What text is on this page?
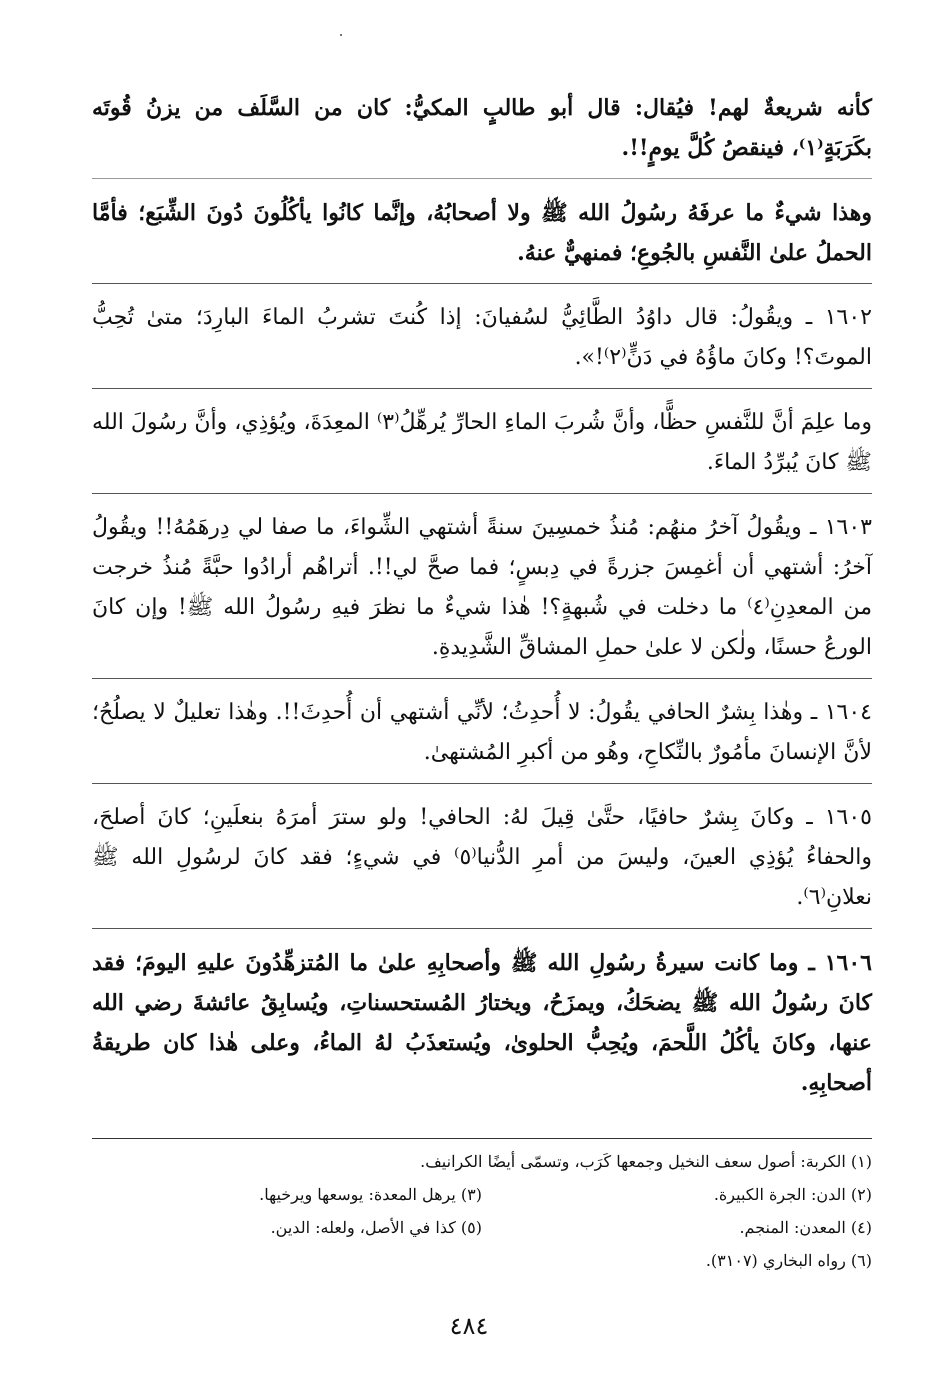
كأنه شريعةٌ لهم! فيُقال: قال أبو طالبٍ المكيُّ: كان من السَّلَف من يزنُ قُوتَه بكَرَبَةٍ⁽١⁾، فينقصُ كُلَّ يومٍ!!.

وهذا شيءٌ ما عرفَهُ رسُولُ الله ﷺ ولا أصحابُهُ، وإنَّما كانُوا يأكُلُونَ دُونَ الشِّبَع؛ فأمَّا الحملُ علىٰ النَّفسِ بالجُوعِ؛ فمنهيٌّ عنهُ.

١٦٠٢ ـ ويقُولُ: قال داوُدُ الطَّائِيُّ لسُفيانَ: إذا كُنتَ تشربُ الماءَ البارِدَ؛ متىٰ تُحِبُّ الموتَ؟! وكانَ ماؤُهُ في دَنٍّ⁽٢⁾!».

وما علِمَ أنَّ للنَّفسِ حظًّا، وأنَّ شُربَ الماءِ الحارِّ يُرهِّلُ⁽٣⁾ المعِدَةَ، ويُؤذِي، وأنَّ رسُولَ الله ﷺ كانَ يُبرِّدُ الماءَ.

١٦٠٣ ـ ويقُولُ آخرُ منهُم: مُنذُ خمسِينَ سنةً أشتهي الشِّواءَ، ما صفا لي دِرهَمُهُ!! ويقُولُ آخرُ: أشتهي أن أغمِسَ جزرةً في دِبسٍ؛ فما صحَّ لي!!. أتراهُم أرادُوا حبَّةً مُنذُ خرجت من المعدِنِ⁽٤⁾ ما دخلت في شُبهةٍ؟! هٰذا شيءٌ ما نظرَ فيهِ رسُولُ الله ﷺ! وإن كانَ الورعُ حسنًا، ولٰكن لا علىٰ حملِ المشاقِّ الشَّدِيدةِ.

١٦٠٤ ـ وهٰذا بِشرٌ الحافي يقُولُ: لا أُحدِثُ؛ لأنِّي أشتهي أن أُحدِثَ!!. وهٰذا تعليلٌ لا يصلُحُ؛ لأنَّ الإنسانَ مأمُورٌ بالنِّكاحِ، وهُو من أكبرِ المُشتهىٰ.

١٦٠٥ ـ وكانَ بِشرٌ حافيًا، حتَّىٰ قِيلَ لهُ: الحافي! ولو سترَ أمرَهُ بنعلَينِ؛ كانَ أصلحَ، والحفاءُ يُؤذِي العينَ، وليسَ من أمرِ الدُّنيا⁽٥⁾ في شيءٍ؛ فقد كانَ لرسُولِ الله ﷺ نعلانِ⁽٦⁾.

١٦٠٦ ـ وما كانت سيرةُ رسُولِ الله ﷺ وأصحابِهِ علىٰ ما المُتزهِّدُونَ عليهِ اليومَ؛ فقد كانَ رسُولُ الله ﷺ يضحَكُ، ويمزَحُ، ويختارُ المُستحسناتِ، ويُسابِقُ عائشةَ رضي الله عنها، وكانَ يأكُلُ اللَّحمَ، ويُحِبُّ الحلوىٰ، ويُستعذَبُ لهُ الماءُ، وعلى هٰذا كان طريقةُ أصحابِهِ.

(١) الكربة: أصول سعف النخيل وجمعها كَرَب، وتسمّى أيضًا الكرانيف.
(٢) الدن: الجرة الكبيرة.
(٣) يرهل المعدة: يوسعها ويرخيها.
(٤) المعدن: المنجم.
(٥) كذا في الأصل، ولعله: الدين.
(٦) رواه البخاري (٣١٠٧).
٤٨٤
